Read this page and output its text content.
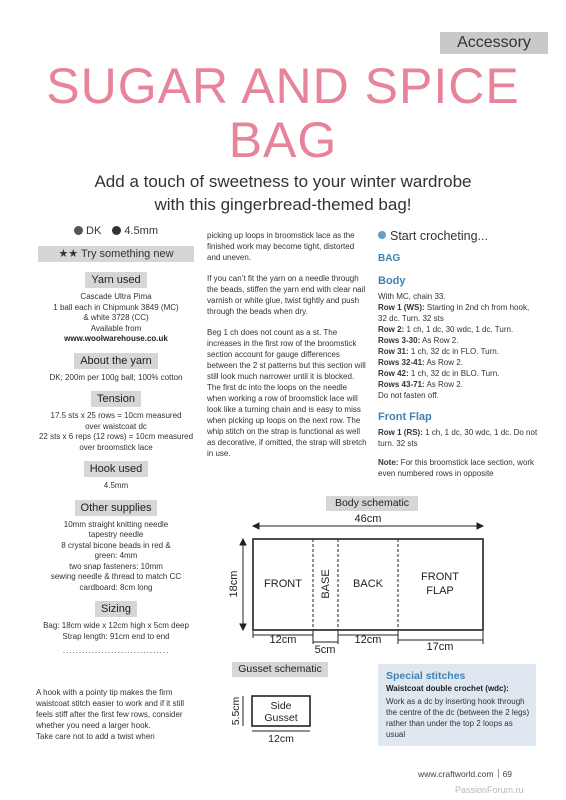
Accessory
SUGAR AND SPICE
BAG
Add a touch of sweetness to your winter wardrobe
with this gingerbread-themed bag!
DK 4.5mm
★★ Try something new
Yarn used

Cascade Ultra Pima

1 ball each in Chipmunk 3849 (MC)

& white 3728 (CC)

Available from

www.woolwarehouse.co.uk

About the yarn

DK; 200m per 100g ball; 100% cotton

Tension

17.5 sts x 25 rows = 10cm measured

over waistcoat dc

22 sts x 6 reps (12 rows) = 10cm measured

over broomstick lace

Hook used

4.5mm

Other supplies

10mm straight knitting needle

tapestry needle

8 crystal bicone beads in red &

green: 4mm

two snap fasteners: 10mm

sewing needle & thread to match CC

cardboard: 8cm long

Sizing

Bag: 18cm wide x 12cm high x 5cm deep

Strap length: 91cm end to end

.................................
A hook with a pointy tip makes the firm
waistcoat stitch easier to work and if it still
feels stiff after the first few rows, consider
whether you need a larger hook.
Take care not to add a twist when

picking up loops in broomstick lace as the finished work may become tight, distorted and uneven.

If you can’t fit the yarn on a needle through the beads, stiffen the yarn end with clear nail varnish or white glue, twist tightly and push through the beads when dry.

Beg 1 ch does not count as a st. The increases in the first row of the broomstick section account for gauge differences between the 2 st patterns but this section will still look much narrower until it is blocked. The first dc into the loops on the needle when working a row of broomstick lace will look like a turning chain and is easy to miss when picking up loops on the next row. The whip stitch on the strap is functional as well as decorative, if omitted, the strap will stretch in use.

Start crocheting...
BAG
Body

With MC, chain 33.

Row 1 (WS): Starting in 2nd ch from hook, 32 dc. Turn. 32 sts

Row 2: 1 ch, 1 dc, 30 wdc, 1 dc. Turn.

Rows 3-30: As Row 2.

Row 31: 1 ch, 32 dc in FLO. Turn.

Rows 32-41: As Row 2.

Row 42: 1 ch, 32 dc in BLO. Turn.

Rows 43-71: As Row 2.

Do not fasten off.

Front Flap

Row 1 (RS): 1 ch, 1 dc, 30 wdc, 1 dc. Do not turn. 32 sts

Note: For this broomstick lace section, work even numbered rows in opposite

Body schematic
46cm
18cm FRONT BASE BACK
FRONT FLAP
12cm
5cm
12cm
17cm
Gusset schematic
Side
Gusset
5.5cm
12cm
Special stitches
Waistcoat double crochet (wdc):
Work as a dc by inserting hook through the centre of the dc (between the 2 legs) rather than under the top 2 loops as usual
www.craftworld.com 69
PassionForum.ru
